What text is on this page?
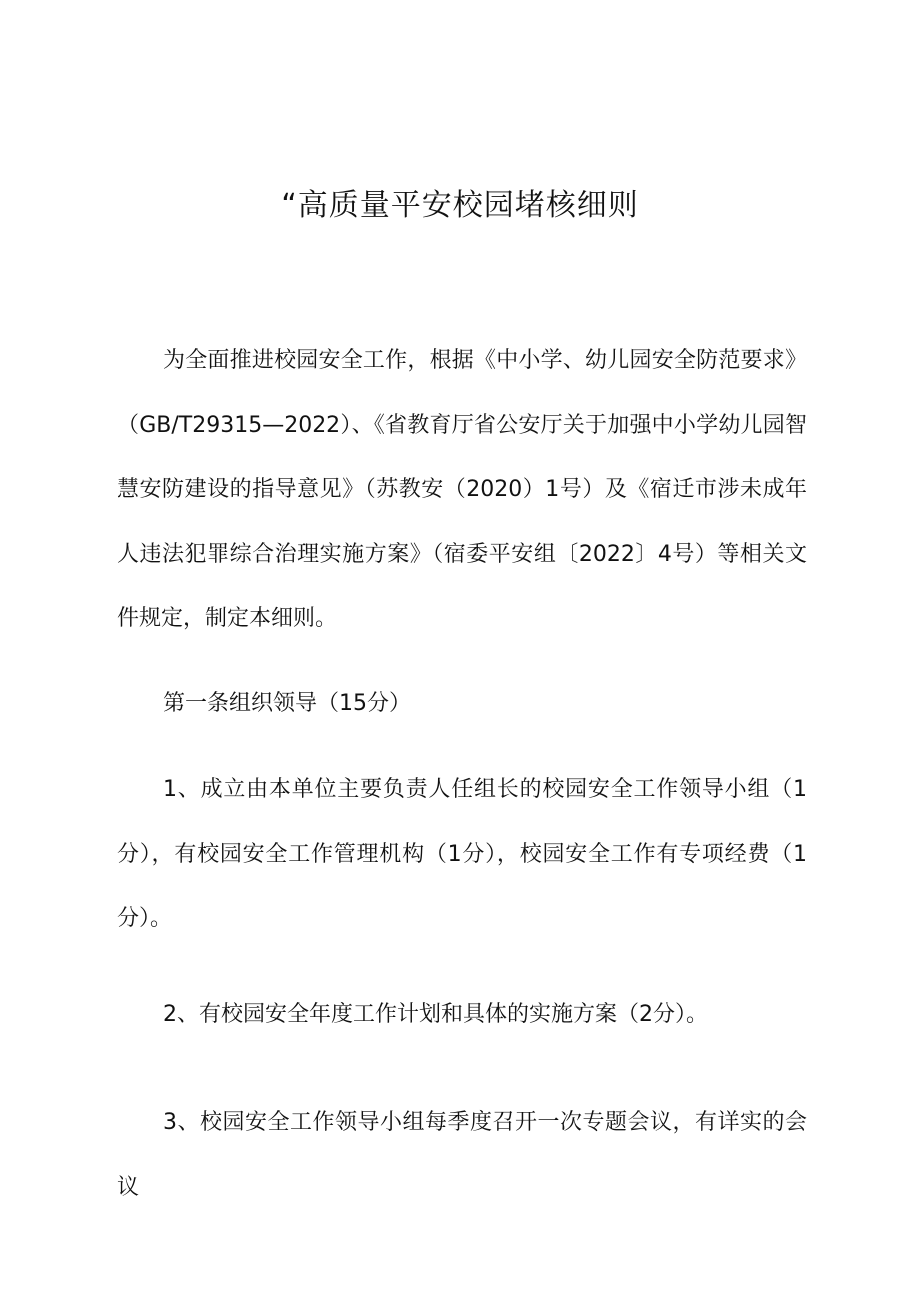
“高质量平安校园堵核细则

为全面推进校园安全工作，根据《中小学、幼儿园安全防范要求》（GB/T29315—2022）、《省教育厅省公安厅关于加强中小学幼儿园智慧安防建设的指导意见》（苏教安（2020）1号）及《宿迁市涉未成年人违法犯罪综合治理实施方案》（宿委平安组〔2022〕4号）等相关文件规定，制定本细则。

第一条组织领导（15分）

1、成立由本单位主要负责人任组长的校园安全工作领导小组（1分），有校园安全工作管理机构（1分），校园安全工作有专项经费（1分）。

2、有校园安全年度工作计划和具体的实施方案（2分）。

3、校园安全工作领导小组每季度召开一次专题会议，有详实的会议
